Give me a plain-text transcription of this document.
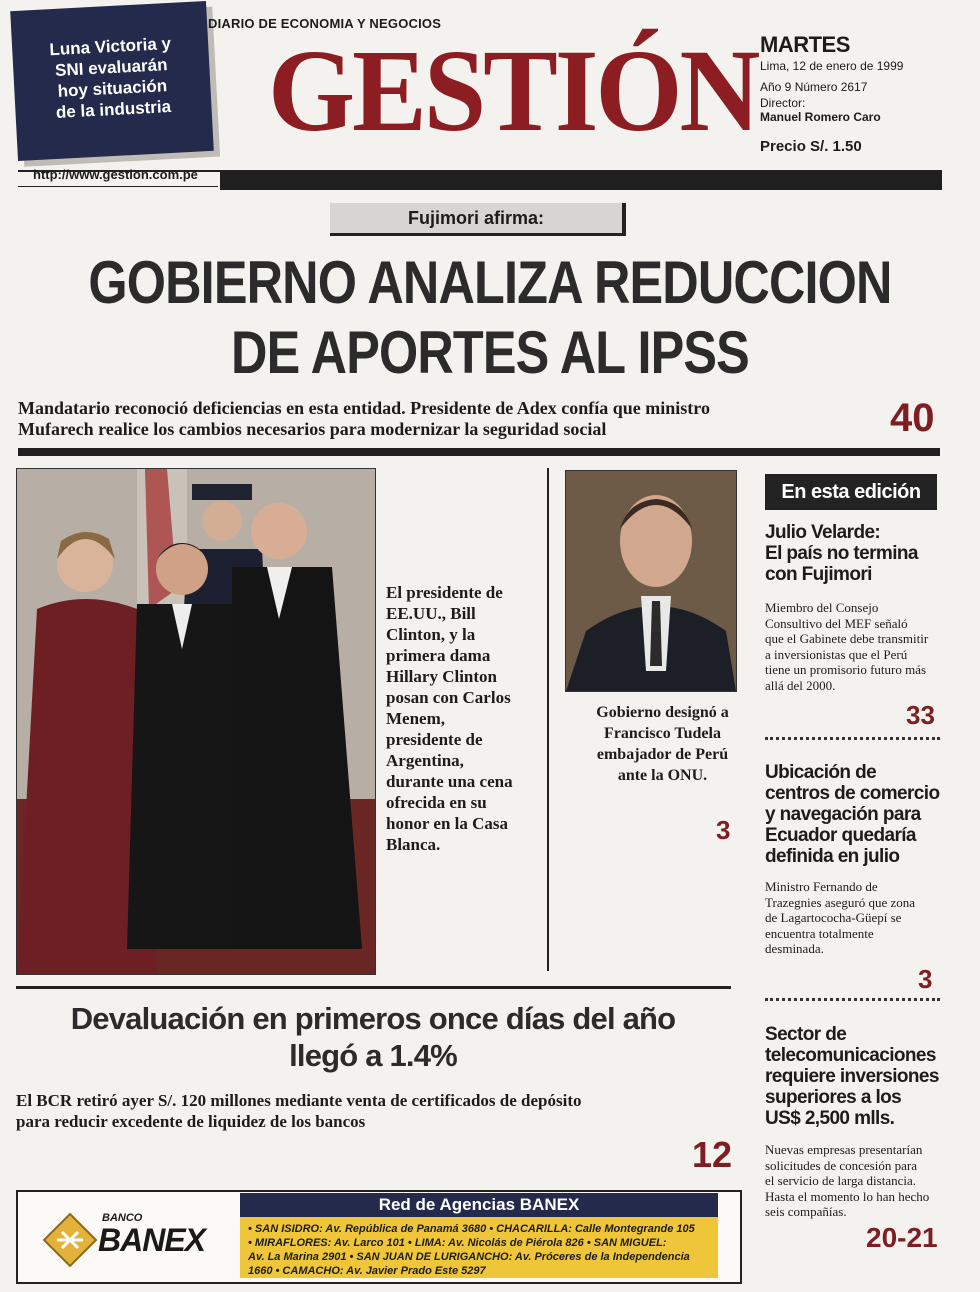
Luna Victoria y
SNI evaluarán
hoy situación
de la industria
DIARIO DE ECONOMIA Y NEGOCIOS
GESTIÓN MARTES
Lima, 12 de enero de 1999
Año 9 Número 2617
Director:
Manuel Romero Caro
Precio S/. 1.50
http://www.gestion.com.pe
Fujimori afirma:
GOBIERNO ANALIZA REDUCCION
DE APORTES AL IPSS
Mandatario reconoció deficiencias en esta entidad. Presidente de Adex confía que ministro
Mufarech realice los cambios necesarios para modernizar la seguridad social	40
El presidente de
EE.UU., Bill
Clinton, y la
primera dama
Hillary Clinton
posan con Carlos
Menem,
presidente de
Argentina,
durante una cena
ofrecida en su
honor en la Casa
Blanca.
Gobierno designó a
Francisco Tudela
embajador de Perú
ante la ONU.
3
En esta edición
Julio Velarde:
El país no termina
con Fujimori
Miembro del Consejo
Consultivo del MEF señaló
que el Gabinete debe transmitir
a inversionistas que el Perú
tiene un promisorio futuro más
allá del 2000.
33
Ubicación de
centros de comercio
y navegación para
Ecuador quedaría
definida en julio
Ministro Fernando de
Trazegnies aseguró que zona
de Lagartococha-Güepí se
encuentra totalmente
desminada.
3
Sector de
telecomunicaciones
requiere inversiones
superiores a los
US$ 2,500 mlls.
Nuevas empresas presentarían
solicitudes de concesión para
el servicio de larga distancia.
Hasta el momento lo han hecho
seis compañías.
20-21
Devaluación en primeros once días del año
llegó a 1.4%
El BCR retiró ayer S/. 120 millones mediante venta de certificados de depósito
para reducir excedente de liquidez de los bancos
12
BANCO
BANEX
Red de Agencias BANEX
• SAN ISIDRO: Av. República de Panamá 3680 • CHACARILLA: Calle Montegrande 105
• MIRAFLORES: Av. Larco 101 • LIMA: Av. Nicolás de Piérola 826 • SAN MIGUEL:
Av. La Marina 2901 • SAN JUAN DE LURIGANCHO: Av. Próceres de la Independencia
1660 • CAMACHO: Av. Javier Prado Este 5297
